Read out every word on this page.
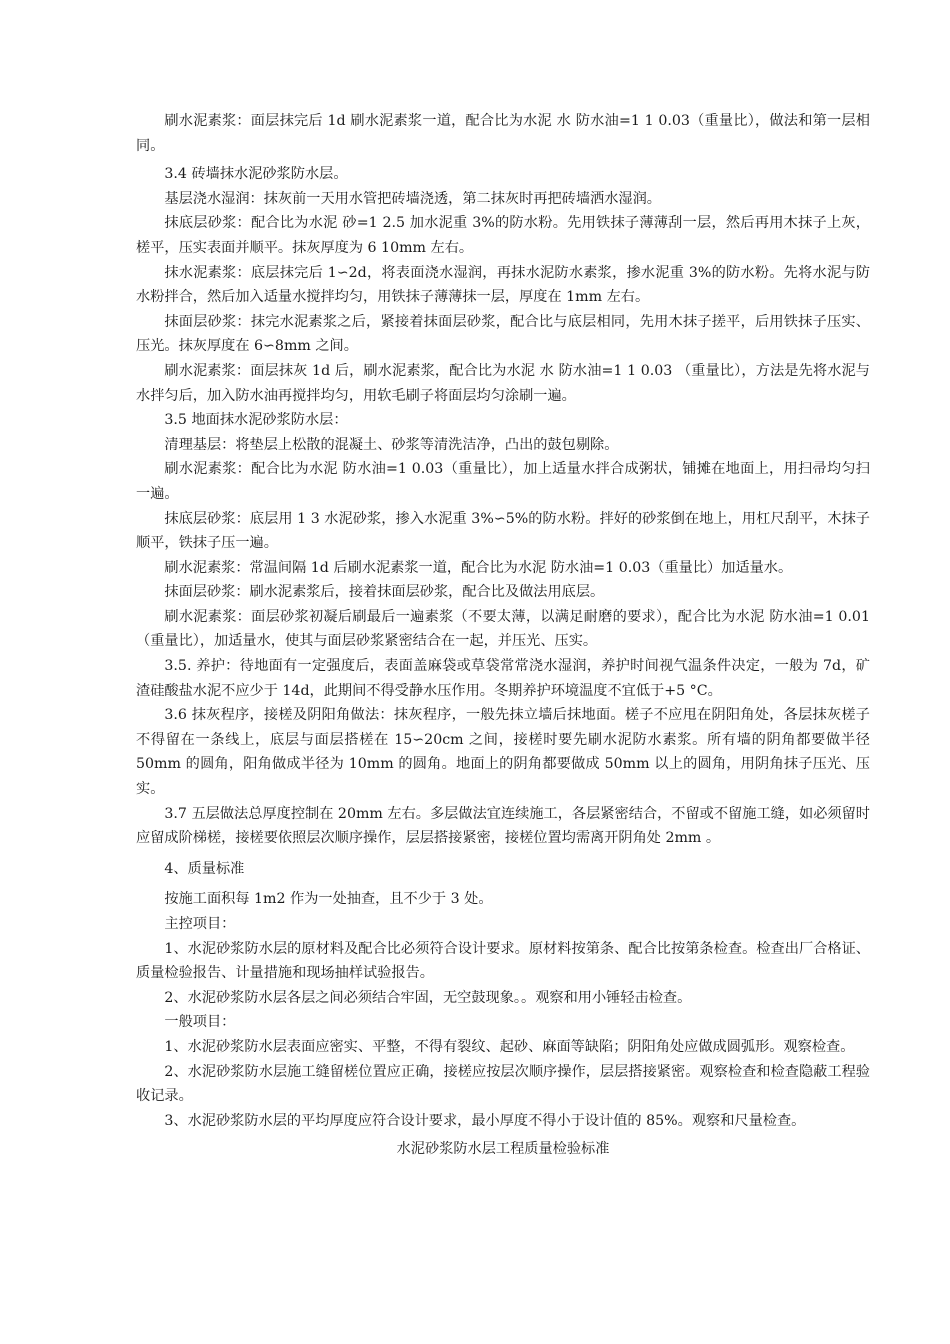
刷水泥素浆：面层抹完后 1d 刷水泥素浆一道，配合比为水泥 水 防水油=1 1 0.03（重量比），做法和第一层相同。

3.4 砖墙抹水泥砂浆防水层。

基层浇水湿润：抹灰前一天用水管把砖墙浇透，第二抹灰时再把砖墙洒水湿润。

抹底层砂浆：配合比为水泥 砂=1 2.5 加水泥重 3%的防水粉。先用铁抹子薄薄刮一层，然后再用木抹子上灰，槎平，压实表面并顺平。抹灰厚度为 6 10mm 左右。

抹水泥素浆：底层抹完后 1∽2d，将表面浇水湿润，再抹水泥防水素浆，掺水泥重 3%的防水粉。先将水泥与防水粉拌合，然后加入适量水搅拌均匀，用铁抹子薄薄抹一层，厚度在 1mm 左右。

抹面层砂浆：抹完水泥素浆之后，紧接着抹面层砂浆，配合比与底层相同，先用木抹子搓平，后用铁抹子压实、压光。抹灰厚度在 6∽8mm 之间。

刷水泥素浆：面层抹灰 1d 后，刷水泥素浆，配合比为水泥 水 防水油=1 1 0.03 （重量比），方法是先将水泥与水拌匀后，加入防水油再搅拌均匀，用软毛刷子将面层均匀涂刷一遍。

3.5 地面抹水泥砂浆防水层：

清理基层：将垫层上松散的混凝土、砂浆等清洗洁净，凸出的鼓包剔除。

刷水泥素浆：配合比为水泥 防水油=1 0.03（重量比），加上适量水拌合成粥状，铺摊在地面上，用扫帚均匀扫一遍。

抹底层砂浆：底层用 1 3 水泥砂浆，掺入水泥重 3%∽5%的防水粉。拌好的砂浆倒在地上，用杠尺刮平，木抹子顺平，铁抹子压一遍。

刷水泥素浆：常温间隔 1d 后刷水泥素浆一道，配合比为水泥 防水油=1 0.03（重量比）加适量水。

抹面层砂浆：刷水泥素浆后，接着抹面层砂浆，配合比及做法用底层。

刷水泥素浆：面层砂浆初凝后刷最后一遍素浆（不要太薄，以满足耐磨的要求），配合比为水泥 防水油=1 0.01（重量比），加适量水，使其与面层砂浆紧密结合在一起，并压光、压实。

3.5. 养护：待地面有一定强度后，表面盖麻袋或草袋常常浇水湿润，养护时间视气温条件决定，一般为 7d，矿渣硅酸盐水泥不应少于 14d，此期间不得受静水压作用。冬期养护环境温度不宜低于+5 °C。

3.6 抹灰程序，接槎及阴阳角做法：抹灰程序，一般先抹立墙后抹地面。槎子不应甩在阴阳角处，各层抹灰槎子不得留在一条线上，底层与面层搭槎在 15∽20cm 之间，接槎时要先刷水泥防水素浆。所有墙的阴角都要做半径 50mm 的圆角，阳角做成半径为 10mm 的圆角。地面上的阴角都要做成 50mm 以上的圆角，用阴角抹子压光、压实。

3.7 五层做法总厚度控制在 20mm 左右。多层做法宜连续施工，各层紧密结合，不留或不留施工缝，如必须留时应留成阶梯槎，接槎要依照层次顺序操作，层层搭接紧密，接槎位置均需离开阴角处 2mm 。

4、质量标准

按施工面积每 1m2 作为一处抽查，且不少于 3 处。

主控项目：

1、水泥砂浆防水层的原材料及配合比必须符合设计要求。原材料按第条、配合比按第条检查。检查出厂合格证、质量检验报告、计量措施和现场抽样试验报告。

2、水泥砂浆防水层各层之间必须结合牢固，无空鼓现象。。观察和用小锤轻击检查。

一般项目：

1、水泥砂浆防水层表面应密实、平整，不得有裂纹、起砂、麻面等缺陷；阴阳角处应做成圆弧形。观察检查。

2、水泥砂浆防水层施工缝留槎位置应正确，接槎应按层次顺序操作，层层搭接紧密。观察检查和检查隐蔽工程验收记录。

3、水泥砂浆防水层的平均厚度应符合设计要求，最小厚度不得小于设计值的 85%。观察和尺量检查。

水泥砂浆防水层工程质量检验标准
